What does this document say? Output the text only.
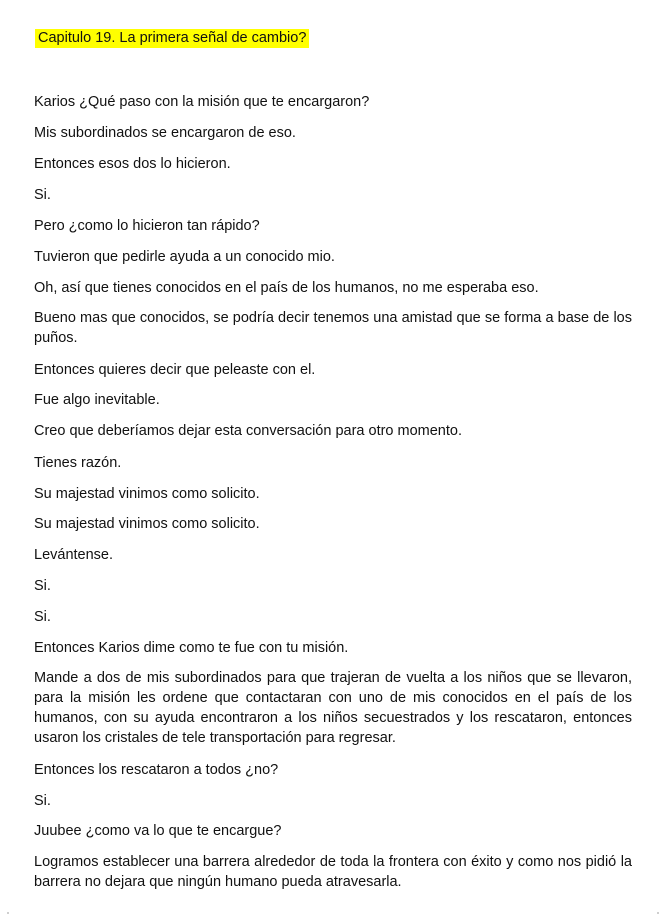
Capitulo 19. La primera señal de cambio?

Karios ¿Qué paso con la misión que te encargaron?

Mis subordinados se encargaron de eso.

Entonces esos dos lo hicieron.

Si.

Pero ¿como lo hicieron tan rápido?

Tuvieron que pedirle ayuda a un conocido mio.

Oh, así que tienes conocidos en el país de los humanos, no me esperaba eso.

Bueno mas que conocidos, se podría decir tenemos una amistad que se forma a base de los puños.

Entonces quieres decir que peleaste con el.

Fue algo inevitable.

Creo que deberíamos dejar esta conversación para otro momento.

Tienes razón.

Su majestad vinimos como solicito.

Su majestad vinimos como solicito.

Levántense.

Si.

Si.

Entonces Karios dime como te fue con tu misión.

Mande a dos de mis subordinados para que trajeran de vuelta a los niños que se llevaron, para la misión les ordene que contactaran con uno de mis conocidos en el país de los humanos, con su ayuda encontraron a los niños secuestrados y los rescataron, entonces usaron los cristales de tele transportación para regresar.

Entonces los rescataron a todos ¿no?

Si.

Juubee ¿como va lo que te encargue?

Logramos establecer una barrera alrededor de toda la frontera con éxito y como nos pidió la barrera no dejara que ningún humano pueda atravesarla.
